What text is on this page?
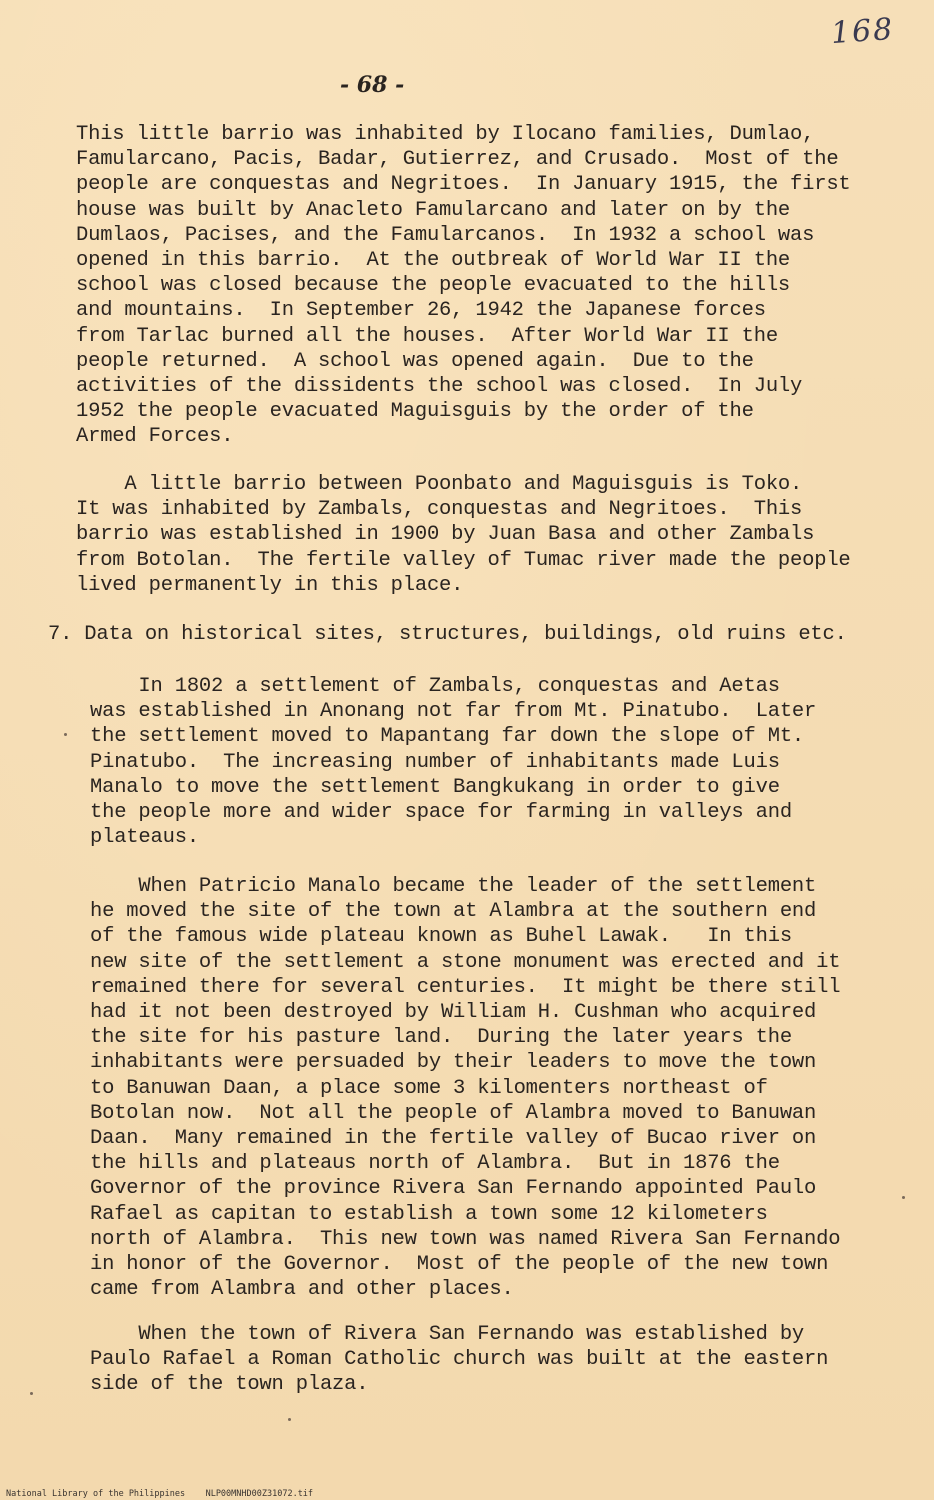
168
- 68 -

This little barrio was inhabited by Ilocano families, Dumlao,
Famularcano, Pacis, Badar, Gutierrez, and Crusado.  Most of the
people are conquestas and Negritoes.  In January 1915, the first
house was built by Anacleto Famularcano and later on by the
Dumlaos, Pacises, and the Famularcanos.  In 1932 a school was
opened in this barrio.  At the outbreak of World War II the
school was closed because the people evacuated to the hills
and mountains.  In September 26, 1942 the Japanese forces
from Tarlac burned all the houses.  After World War II the
people returned.  A school was opened again.  Due to the
activities of the dissidents the school was closed.  In July
1952 the people evacuated Maguisguis by the order of the
Armed Forces.

A little barrio between Poonbato and Maguisguis is Toko.
It was inhabited by Zambals, conquestas and Negritoes.  This
barrio was established in 1900 by Juan Basa and other Zambals
from Botolan.  The fertile valley of Tumac river made the people
lived permanently in this place.

7. Data on historical sites, structures, buildings, old ruins etc.

In 1802 a settlement of Zambals, conquestas and Aetas
was established in Anonang not far from Mt. Pinatubo.  Later
the settlement moved to Mapantang far down the slope of Mt.
Pinatubo.  The increasing number of inhabitants made Luis
Manalo to move the settlement Bangkukang in order to give
the people more and wider space for farming in valleys and
plateaus.

When Patricio Manalo became the leader of the settlement
he moved the site of the town at Alambra at the southern end
of the famous wide plateau known as Buhel Lawak.   In this
new site of the settlement a stone monument was erected and it
remained there for several centuries.  It might be there still
had it not been destroyed by William H. Cushman who acquired
the site for his pasture land.  During the later years the
inhabitants were persuaded by their leaders to move the town
to Banuwan Daan, a place some 3 kilomenters northeast of
Botolan now.  Not all the people of Alambra moved to Banuwan
Daan.  Many remained in the fertile valley of Bucao river on
the hills and plateaus north of Alambra.  But in 1876 the
Governor of the province Rivera San Fernando appointed Paulo
Rafael as capitan to establish a town some 12 kilometers
north of Alambra.  This new town was named Rivera San Fernando
in honor of the Governor.  Most of the people of the new town
came from Alambra and other places.

When the town of Rivera San Fernando was established by
Paulo Rafael a Roman Catholic church was built at the eastern
side of the town plaza.

National Library of the Philippines    NLP00MNHD00Z31072.tif
